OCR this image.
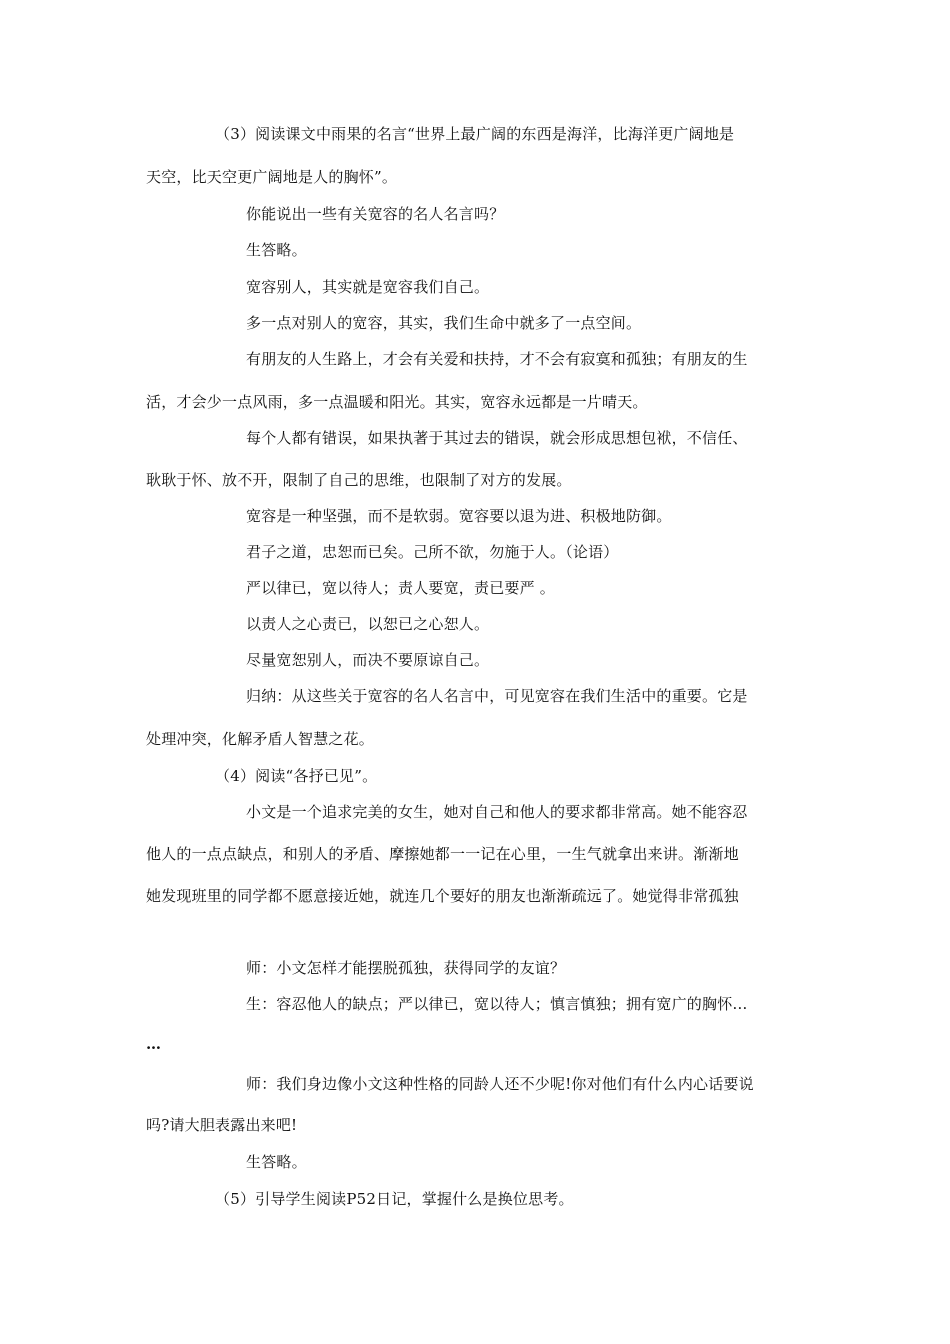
（3）阅读课文中雨果的名言“世界上最广阔的东西是海洋，比海洋更广阔地是
天空，比天空更广阔地是人的胸怀”。
你能说出一些有关宽容的名人名言吗？
生答略。
宽容别人，其实就是宽容我们自己。
多一点对别人的宽容，其实，我们生命中就多了一点空间。
有朋友的人生路上，才会有关爱和扶持，才不会有寂寞和孤独；有朋友的生
活，才会少一点风雨，多一点温暖和阳光。其实，宽容永远都是一片晴天。
每个人都有错误，如果执著于其过去的错误，就会形成思想包袱，不信任、
耿耿于怀、放不开，限制了自己的思维，也限制了对方的发展。
宽容是一种坚强，而不是软弱。宽容要以退为进、积极地防御。
君子之道，忠恕而已矣。己所不欲，勿施于人。（论语）
严以律已，宽以待人；责人要宽，责已要严 。
以责人之心责已，以恕已之心恕人。
尽量宽恕别人，而决不要原谅自己。
归纳：从这些关于宽容的名人名言中，可见宽容在我们生活中的重要。它是
处理冲突，化解矛盾人智慧之花。
（4）阅读“各抒已见”。
小文是一个追求完美的女生，她对自己和他人的要求都非常高。她不能容忍
他人的一点点缺点，和别人的矛盾、摩擦她都一一记在心里，一生气就拿出来讲。渐渐地
她发现班里的同学都不愿意接近她，就连几个要好的朋友也渐渐疏远了。她觉得非常孤独
师：小文怎样才能摆脱孤独，获得同学的友谊？
生：容忍他人的缺点；严以律已，宽以待人；慎言慎独；拥有宽广的胸怀…
…
师：我们身边像小文这种性格的同龄人还不少呢!你对他们有什么内心话要说
吗?请大胆表露出来吧!
生答略。
（5）引导学生阅读P52日记，掌握什么是换位思考。
